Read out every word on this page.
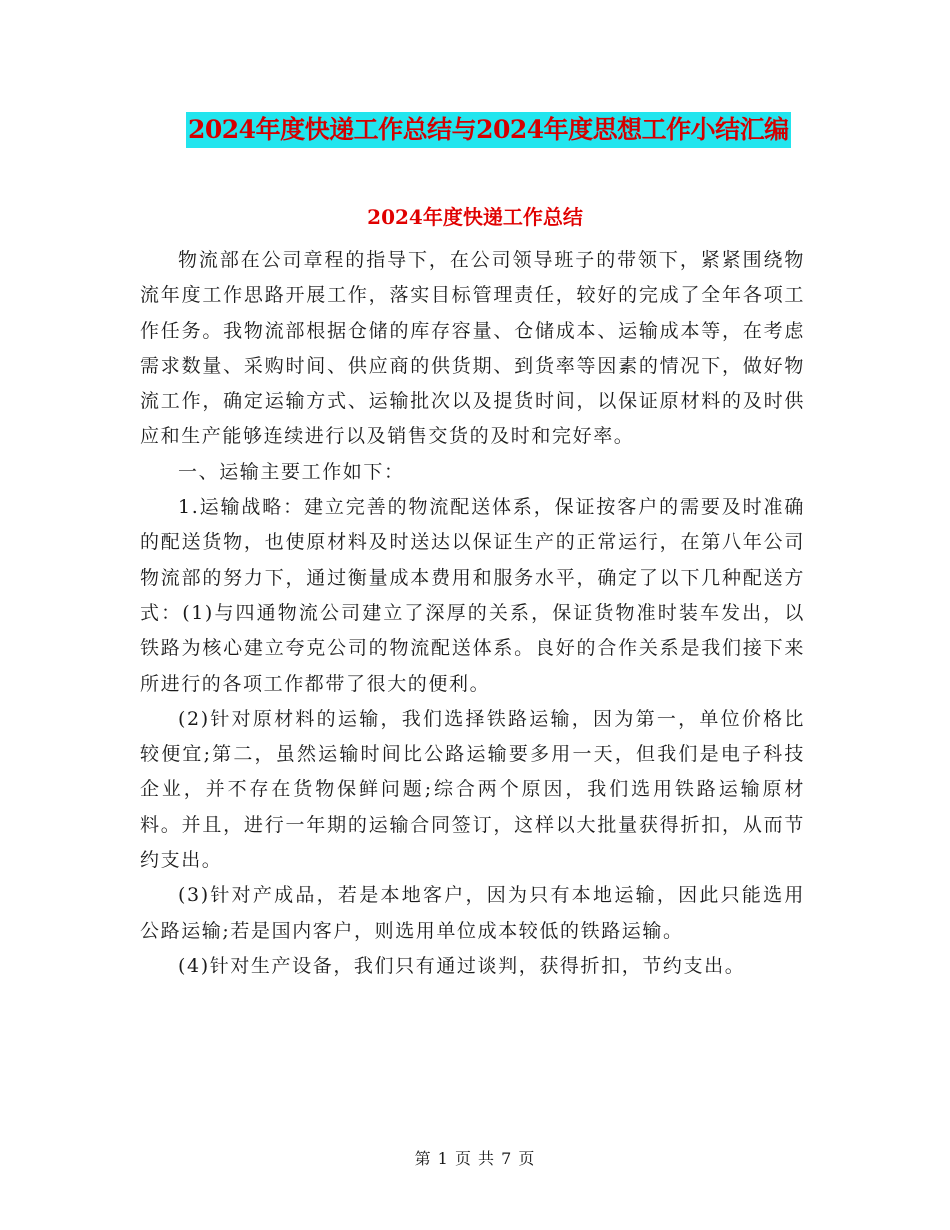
2024年度快递工作总结与2024年度思想工作小结汇编
2024年度快递工作总结

物流部在公司章程的指导下，在公司领导班子的带领下，紧紧围绕物流年度工作思路开展工作，落实目标管理责任，较好的完成了全年各项工作任务。我物流部根据仓储的库存容量、仓储成本、运输成本等，在考虑需求数量、采购时间、供应商的供货期、到货率等因素的情况下，做好物流工作，确定运输方式、运输批次以及提货时间，以保证原材料的及时供应和生产能够连续进行以及销售交货的及时和完好率。

一、运输主要工作如下：

1.运输战略：建立完善的物流配送体系，保证按客户的需要及时准确的配送货物，也使原材料及时送达以保证生产的正常运行，在第八年公司物流部的努力下，通过衡量成本费用和服务水平，确定了以下几种配送方式：(1)与四通物流公司建立了深厚的关系，保证货物准时装车发出，以铁路为核心建立夸克公司的物流配送体系。良好的合作关系是我们接下来所进行的各项工作都带了很大的便利。

(2)针对原材料的运输，我们选择铁路运输，因为第一，单位价格比较便宜;第二，虽然运输时间比公路运输要多用一天，但我们是电子科技企业，并不存在货物保鲜问题;综合两个原因，我们选用铁路运输原材料。并且，进行一年期的运输合同签订，这样以大批量获得折扣，从而节约支出。

(3)针对产成品，若是本地客户，因为只有本地运输，因此只能选用公路运输;若是国内客户，则选用单位成本较低的铁路运输。

(4)针对生产设备，我们只有通过谈判，获得折扣，节约支出。

第 1 页 共 7 页
